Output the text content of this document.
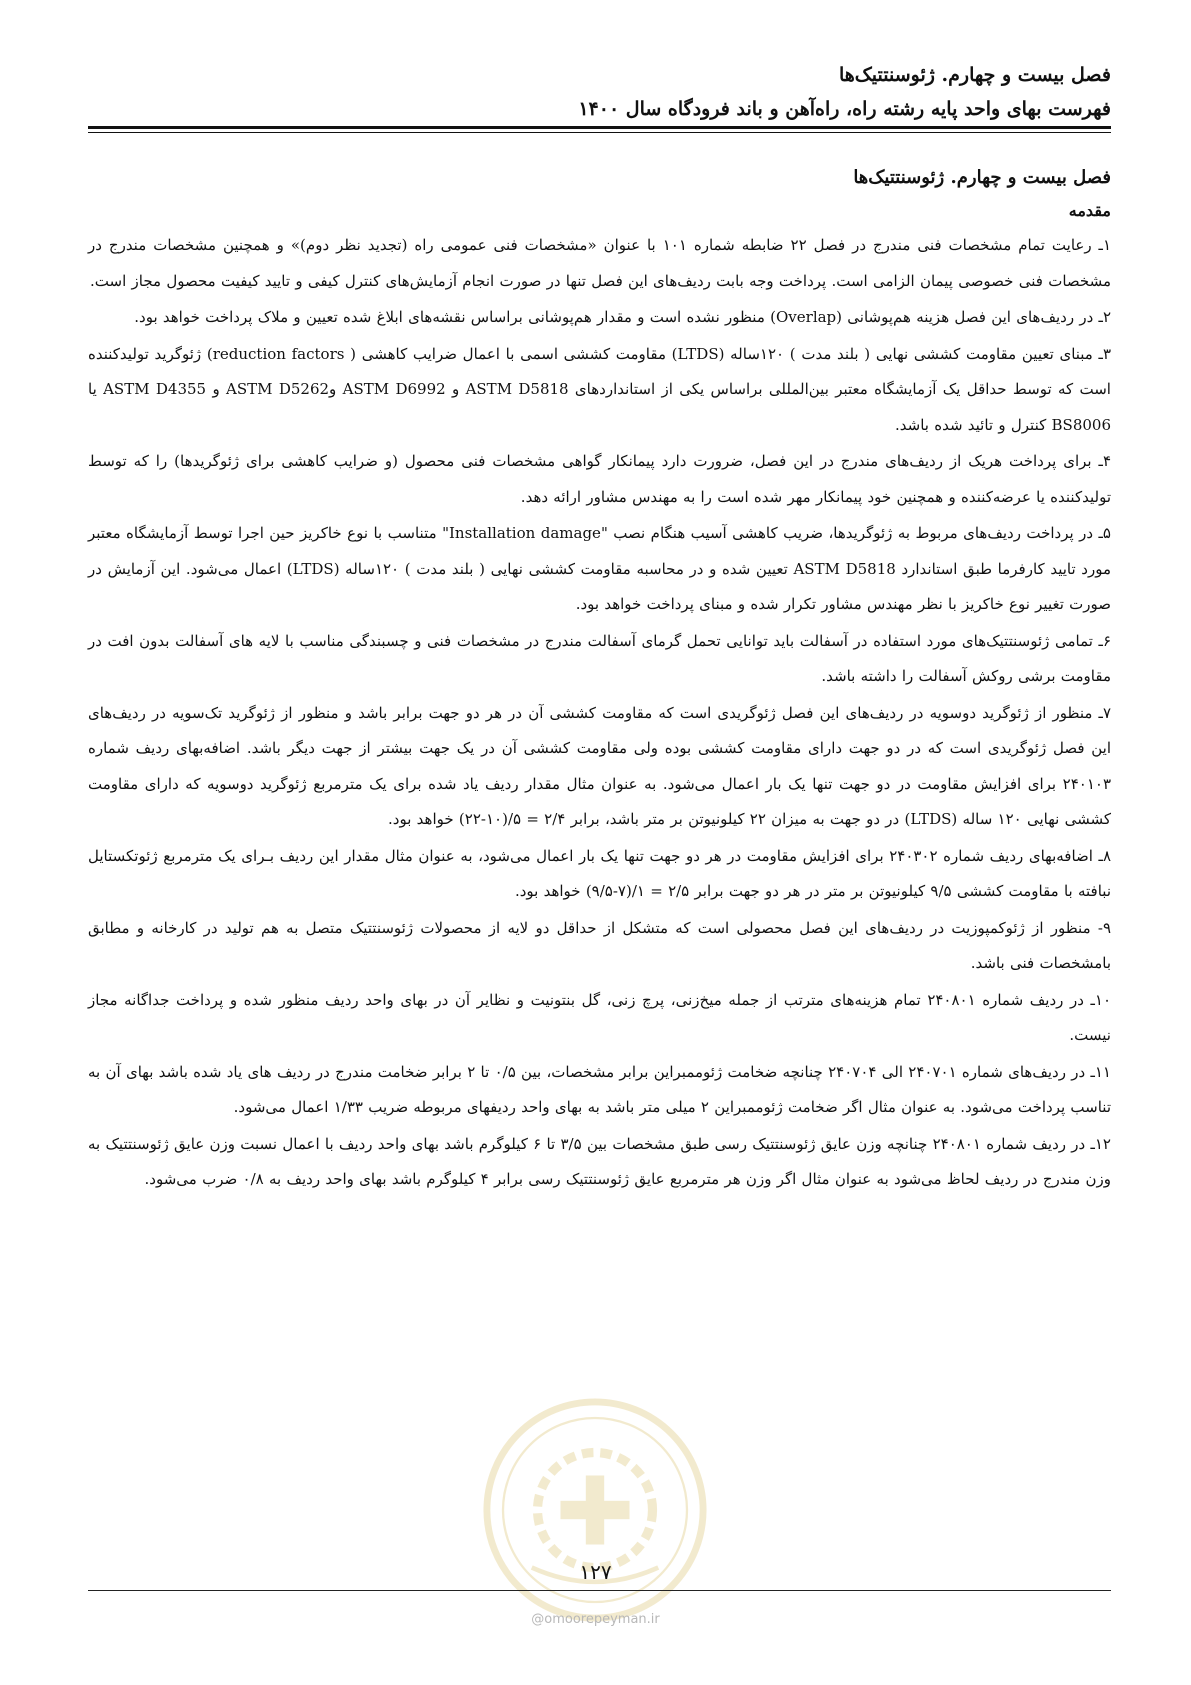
فصل بیست و چهارم. ژئوسنتتیک‌ها
فهرست بهای واحد پایه رشته راه، راه‌آهن و باند فرودگاه سال ۱۴۰۰
فصل بیست و چهارم. ژئوسنتتیک‌ها
مقدمه

۱ـ رعایت تمام مشخصات فنی مندرج در فصل ۲۲ ضابطه شماره ۱۰۱ با عنوان «مشخصات فنی عمومی راه (تجدید نظر دوم)» و همچنین مشخصات مندرج در مشخصات فنی خصوصی پیمان الزامی است. پرداخت وجه بابت ردیف‌های این فصل تنها در صورت انجام آزمایش‌های کنترل کیفی و تایید کیفیت محصول مجاز است.

۲ـ در ردیف‌های این فصل هزینه هم‌پوشانی (Overlap) منظور نشده است و مقدار هم‌پوشانی براساس نقشه‌های ابلاغ شده تعیین و ملاک پرداخت خواهد بود.

۳ـ مبنای تعیین مقاومت کششی نهایی ( بلند مدت ) ۱۲۰ساله (LTDS) مقاومت کششی اسمی با اعمال ضرایب کاهشی ( reduction factors) ژئوگرید تولیدکننده است که توسط حداقل یک آزمایشگاه معتبر بین‌المللی براساس یکی از استانداردهای ASTM D5818 و ASTM D6992 وASTM D5262 و ASTM D4355 یا BS8006 کنترل و تائید شده باشد.

۴ـ برای پرداخت هریک از ردیف‌های مندرج در این فصل، ضرورت دارد پیمانکار گواهی مشخصات فنی محصول (و ضرایب کاهشی برای ژئوگریدها) را که توسط تولیدکننده یا عرضه‌کننده و همچنین خود پیمانکار مهر شده است را به مهندس مشاور ارائه دهد.

۵ـ در پرداخت ردیف‌های مربوط به ژئوگریدها، ضریب کاهشی آسیب هنگام نصب "Installation damage" متناسب با نوع خاکریز حین اجرا توسط آزمایشگاه معتبر مورد تایید کارفرما طبق استاندارد ASTM D5818 تعیین شده و در محاسبه مقاومت کششی نهایی ( بلند مدت ) ۱۲۰ساله (LTDS) اعمال می‌شود. این آزمایش در صورت تغییر نوع خاکریز با نظر مهندس مشاور تکرار شده و مبنای پرداخت خواهد بود.

۶ـ تمامی ژئوسنتتیک‌های مورد استفاده در آسفالت باید توانایی تحمل گرمای آسفالت مندرج در مشخصات فنی و چسبندگی مناسب با لایه های آسفالت بدون افت در مقاومت برشی روکش آسفالت را داشته باشد.

۷ـ منظور از ژئوگرید دوسویه در ردیف‌های این فصل ژئوگریدی است که مقاومت کششی آن در هر دو جهت برابر باشد و منظور از ژئوگرید تک‌سویه در ردیف‌های این فصل ژئوگریدی است که در دو جهت دارای مقاومت کششی بوده ولی مقاومت کششی آن در یک جهت بیشتر از جهت دیگر باشد. اضافه‌بهای ردیف شماره ۲۴۰۱۰۳ برای افزایش مقاومت در دو جهت تنها یک بار اعمال می‌شود. به عنوان مثال مقدار ردیف یاد شده برای یک مترمربع ژئوگرید دوسویه که دارای مقاومت کششی نهایی ۱۲۰ ساله (LTDS) در دو جهت به میزان ۲۲ کیلونیوتن بر متر باشد، برابر ۲/۴ = ۵/(۱۰-۲۲) خواهد بود.

۸ـ اضافه‌بهای ردیف شماره ۲۴۰۳۰۲ برای افزایش مقاومت در هر دو جهت تنها یک بار اعمال می‌شود، به عنوان مثال مقدار این ردیف بـرای یک مترمربع ژئوتکستایل نبافته با مقاومت کششی ۹/۵ کیلونیوتن بر متر در هر دو جهت برابر ۲/۵ = ۱/(۷-۹/۵) خواهد بود.

۹- منظور از ژئوکمپوزیت در ردیف‌های این فصل محصولی است که متشکل از حداقل دو لایه از محصولات ژئوسنتتیک متصل به هم تولید در کارخانه و مطابق بامشخصات فنی باشد.

۱۰ـ در ردیف شماره ۲۴۰۸۰۱ تمام هزینه‌های مترتب از جمله میخ‌زنی، پرچ زنی، گل بنتونیت و نظایر آن در بهای واحد ردیف منظور شده و پرداخت جداگانه مجاز نیست.

۱۱ـ در ردیف‌های شماره ۲۴۰۷۰۱ الی ۲۴۰۷۰۴ چنانچه ضخامت ژئوممبراین برابر مشخصات، بین ۰/۵ تا ۲ برابر ضخامت مندرج در ردیف های یاد شده باشد بهای آن به تناسب پرداخت می‌شود. به عنوان مثال اگر ضخامت ژئوممبراین ۲ میلی متر باشد به بهای واحد ردیفهای مربوطه ضریب ۱/۳۳ اعمال می‌شود.

۱۲ـ در ردیف شماره ۲۴۰۸۰۱ چنانچه وزن عایق ژئوسنتتیک رسی طبق مشخصات بین ۳/۵ تا ۶ کیلوگرم باشد بهای واحد ردیف با اعمال نسبت وزن عایق ژئوسنتتیک به وزن مندرج در ردیف لحاظ می‌شود به عنوان مثال اگر وزن هر مترمربع عایق ژئوسنتتیک رسی برابر ۴ کیلوگرم باشد بهای واحد ردیف به ۰/۸ ضرب می‌شود.

۱۲۷
@omoorepeyman.ir
